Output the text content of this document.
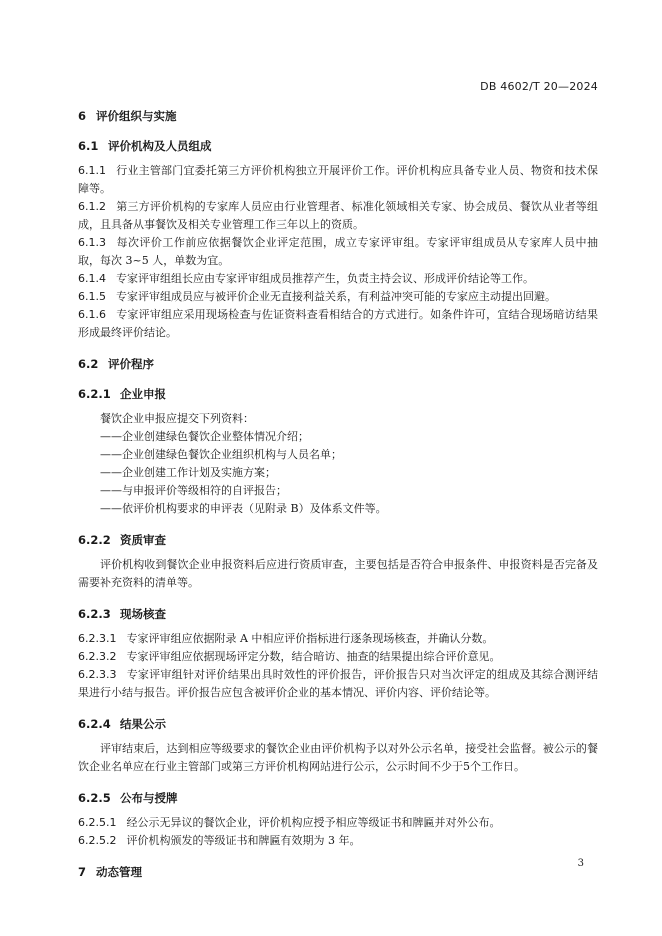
DB 4602/T 20—2024
6 评价组织与实施
6.1 评价机构及人员组成
6.1.1 行业主管部门宜委托第三方评价机构独立开展评价工作。评价机构应具备专业人员、物资和技术保障等。
6.1.2 第三方评价机构的专家库人员应由行业管理者、标准化领域相关专家、协会成员、餐饮从业者等组成，且具备从事餐饮及相关专业管理工作三年以上的资质。
6.1.3 每次评价工作前应依据餐饮企业评定范围，成立专家评审组。专家评审组成员从专家库人员中抽取，每次 3~5 人，单数为宜。
6.1.4 专家评审组组长应由专家评审组成员推荐产生，负责主持会议、形成评价结论等工作。
6.1.5 专家评审组成员应与被评价企业无直接利益关系，有利益冲突可能的专家应主动提出回避。
6.1.6 专家评审组应采用现场检查与佐证资料查看相结合的方式进行。如条件许可，宜结合现场暗访结果形成最终评价结论。
6.2 评价程序
6.2.1 企业申报
餐饮企业申报应提交下列资料：
——企业创建绿色餐饮企业整体情况介绍；
——企业创建绿色餐饮企业组织机构与人员名单；
——企业创建工作计划及实施方案；
——与申报评价等级相符的自评报告；
——依评价机构要求的申评表（见附录 B）及体系文件等。
6.2.2 资质审查
评价机构收到餐饮企业申报资料后应进行资质审查，主要包括是否符合申报条件、申报资料是否完备及需要补充资料的清单等。
6.2.3 现场核查
6.2.3.1 专家评审组应依据附录 A 中相应评价指标进行逐条现场核查，并确认分数。
6.2.3.2 专家评审组应依据现场评定分数，结合暗访、抽查的结果提出综合评价意见。
6.2.3.3 专家评审组针对评价结果出具时效性的评价报告，评价报告只对当次评定的组成及其综合测评结果进行小结与报告。评价报告应包含被评价企业的基本情况、评价内容、评价结论等。
6.2.4 结果公示
评审结束后，达到相应等级要求的餐饮企业由评价机构予以对外公示名单，接受社会监督。被公示的餐饮企业名单应在行业主管部门或第三方评价机构网站进行公示，公示时间不少于5个工作日。
6.2.5 公布与授牌
6.2.5.1 经公示无异议的餐饮企业，评价机构应授予相应等级证书和牌匾并对外公布。
6.2.5.2 评价机构颁发的等级证书和牌匾有效期为 3 年。
7 动态管理
3
